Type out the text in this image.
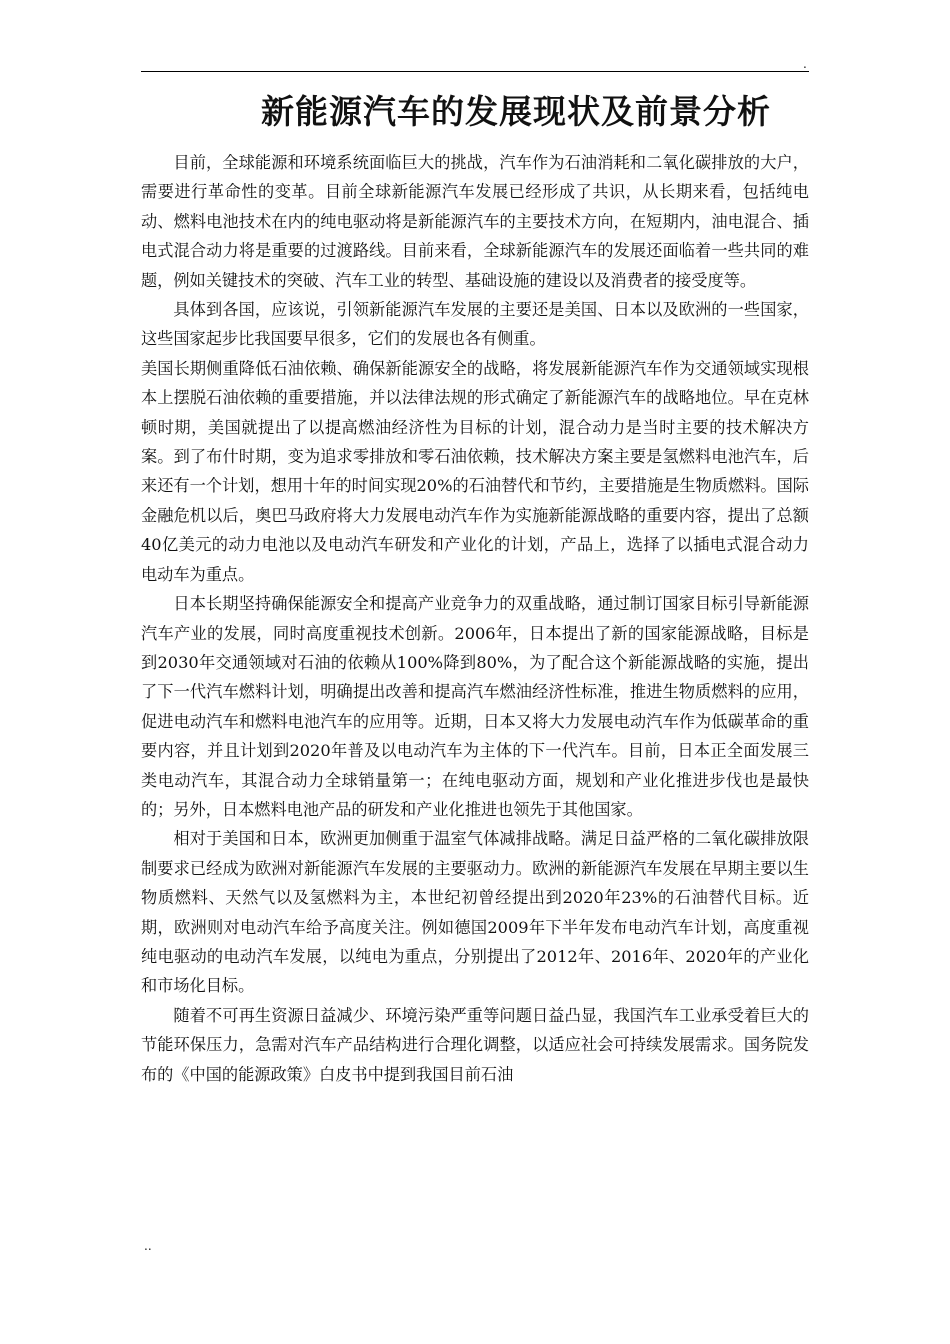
.
新能源汽车的发展现状及前景分析

目前，全球能源和环境系统面临巨大的挑战，汽车作为石油消耗和二氧化碳排放的大户，需要进行革命性的变革。目前全球新能源汽车发展已经形成了共识，从长期来看，包括纯电动、燃料电池技术在内的纯电驱动将是新能源汽车的主要技术方向，在短期内，油电混合、插电式混合动力将是重要的过渡路线。目前来看，全球新能源汽车的发展还面临着一些共同的难题，例如关键技术的突破、汽车工业的转型、基础设施的建设以及消费者的接受度等。

具体到各国，应该说，引领新能源汽车发展的主要还是美国、日本以及欧洲的一些国家，这些国家起步比我国要早很多，它们的发展也各有侧重。

美国长期侧重降低石油依赖、确保新能源安全的战略，将发展新能源汽车作为交通领域实现根本上摆脱石油依赖的重要措施，并以法律法规的形式确定了新能源汽车的战略地位。早在克林顿时期，美国就提出了以提高燃油经济性为目标的计划，混合动力是当时主要的技术解决方案。到了布什时期，变为追求零排放和零石油依赖，技术解决方案主要是氢燃料电池汽车，后来还有一个计划，想用十年的时间实现20%的石油替代和节约，主要措施是生物质燃料。国际金融危机以后，奥巴马政府将大力发展电动汽车作为实施新能源战略的重要内容，提出了总额40亿美元的动力电池以及电动汽车研发和产业化的计划，产品上，选择了以插电式混合动力电动车为重点。

日本长期坚持确保能源安全和提高产业竞争力的双重战略，通过制订国家目标引导新能源汽车产业的发展，同时高度重视技术创新。2006年，日本提出了新的国家能源战略，目标是到2030年交通领域对石油的依赖从100%降到80%，为了配合这个新能源战略的实施，提出了下一代汽车燃料计划，明确提出改善和提高汽车燃油经济性标准，推进生物质燃料的应用，促进电动汽车和燃料电池汽车的应用等。近期，日本又将大力发展电动汽车作为低碳革命的重要内容，并且计划到2020年普及以电动汽车为主体的下一代汽车。目前，日本正全面发展三类电动汽车，其混合动力全球销量第一；在纯电驱动方面，规划和产业化推进步伐也是最快的；另外，日本燃料电池产品的研发和产业化推进也领先于其他国家。

相对于美国和日本，欧洲更加侧重于温室气体减排战略。满足日益严格的二氧化碳排放限制要求已经成为欧洲对新能源汽车发展的主要驱动力。欧洲的新能源汽车发展在早期主要以生物质燃料、天然气以及氢燃料为主，本世纪初曾经提出到2020年23%的石油替代目标。近期，欧洲则对电动汽车给予高度关注。例如德国2009年下半年发布电动汽车计划，高度重视纯电驱动的电动汽车发展，以纯电为重点，分别提出了2012年、2016年、2020年的产业化和市场化目标。

随着不可再生资源日益减少、环境污染严重等问题日益凸显，我国汽车工业承受着巨大的节能环保压力，急需对汽车产品结构进行合理化调整，以适应社会可持续发展需求。国务院发布的《中国的能源政策》白皮书中提到我国目前石油

..
